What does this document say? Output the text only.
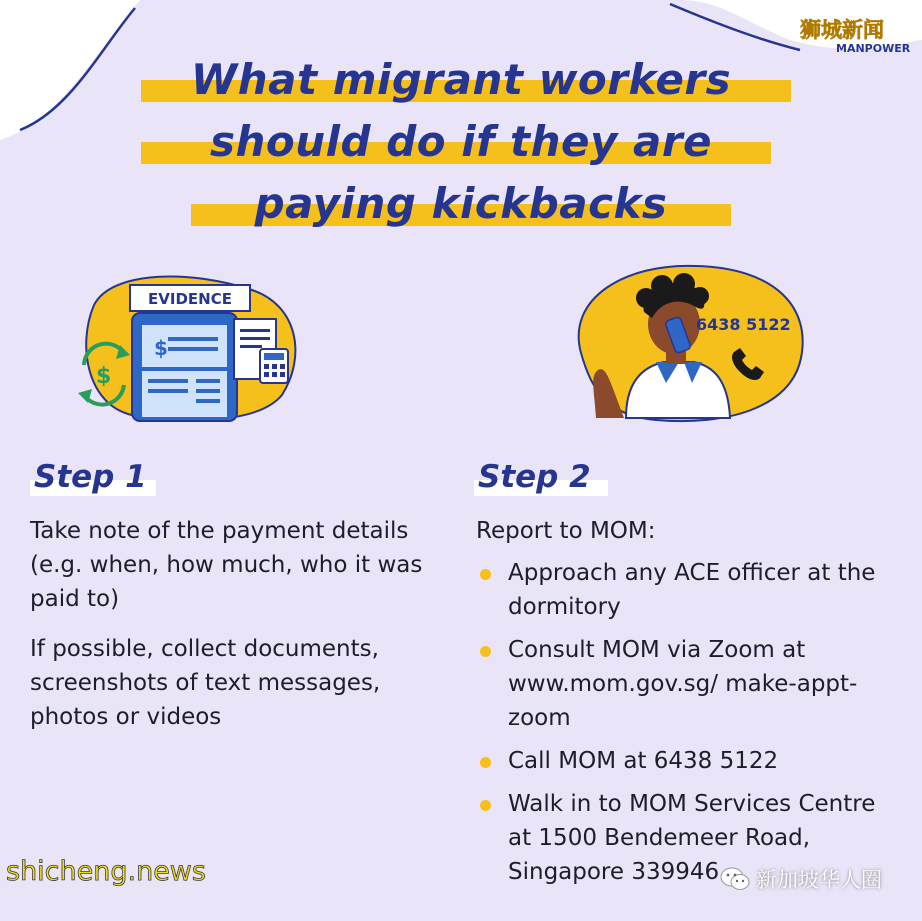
狮城新闻
MANPOWER
What migrant workers
should do if they are
paying kickbacks
EVIDENCE
$
$
6438 5122
Step 1

Take note of the payment details (e.g. when, how much, who it was paid to)

If possible, collect documents, screenshots of text messages, photos or videos

Step 2
Report to MOM:
Approach any ACE officer at the dormitory
Consult MOM via Zoom at www.mom.gov.sg/ make-appt-zoom
Call MOM at 6438 5122
Walk in to MOM Services Centre at 1500 Bendemeer Road, Singapore 339946
shicheng.news	新加坡华人圈
